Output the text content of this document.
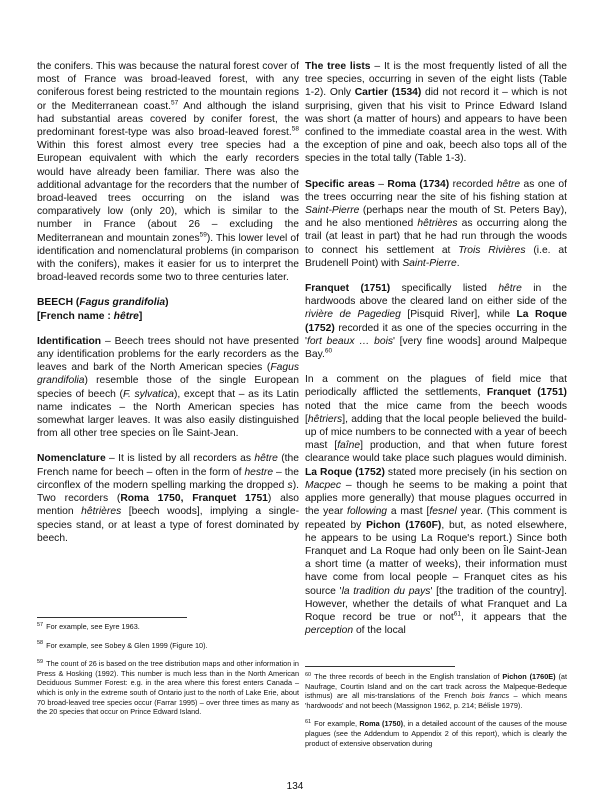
the conifers. This was because the natural forest cover of most of France was broad-leaved forest, with any coniferous forest being restricted to the mountain regions or the Mediterranean coast.$^{57}$ And although the island had substantial areas covered by conifer forest, the predominant forest-type was also broad-leaved forest.$^{58}$ Within this forest almost every tree species had a European equivalent with which the early recorders would have already been familiar. There was also the additional advantage for the recorders that the number of broad-leaved trees occurring on the island was comparatively low (only 20), which is similar to the number in France (about 26 – excluding the Mediterranean and mountain zones$^{59}$). This lower level of identification and nomenclatural problems (in comparison with the conifers), makes it easier for us to interpret the broad-leaved records some two to three centuries later.

BEECH (Fagus grandifolia)
[French name : hêtre]

Identification – Beech trees should not have presented any identification problems for the early recorders as the leaves and bark of the North American species (Fagus grandifolia) resemble those of the single European species of beech (F. sylvatica), except that – as its Latin name indicates – the North American species has somewhat larger leaves. It was also easily distinguished from all other tree species on Île Saint-Jean.

Nomenclature – It is listed by all recorders as hêtre (the French name for beech – often in the form of hestre – the circonflex of the modern spelling marking the dropped s). Two recorders (Roma 1750, Franquet 1751) also mention hêtrières [beech woods], implying a single-species stand, or at least a type of forest dominated by beech.

The tree lists – It is the most frequently listed of all the tree species, occurring in seven of the eight lists (Table 1-2). Only Cartier (1534) did not record it – which is not surprising, given that his visit to Prince Edward Island was short (a matter of hours) and appears to have been confined to the immediate coastal area in the west. With the exception of pine and oak, beech also tops all of the species in the total tally (Table 1-3).

Specific areas – Roma (1734) recorded hêtre as one of the trees occurring near the site of his fishing station at Saint-Pierre (perhaps near the mouth of St. Peters Bay), and he also mentioned hêtrières as occurring along the trail (at least in part) that he had run through the woods to connect his settlement at Trois Rivières (i.e. at Brudenell Point) with Saint-Pierre.

Franquet (1751) specifically listed hêtre in the hardwoods above the cleared land on either side of the rivière de Pagedieg [Pisquid River], while La Roque (1752) recorded it as one of the species occurring in the 'fort beaux … bois' [very fine woods] around Malpeque Bay.$^{60}$

In a comment on the plagues of field mice that periodically afflicted the settlements, Franquet (1751) noted that the mice came from the beech woods [hêtriers], adding that the local people believed the build-up of mice numbers to be connected with a year of beech mast [faîne] production, and that when future forest clearance would take place such plagues would diminish. La Roque (1752) stated more precisely (in his section on Macpec – though he seems to be making a point that applies more generally) that mouse plagues occurred in the year following a mast [fesnel year. (This comment is repeated by Pichon (1760F), but, as noted elsewhere, he appears to be using La Roque's report.) Since both Franquet and La Roque had only been on Île Saint-Jean a short time (a matter of weeks), their information must have come from local people – Franquet cites as his source 'la tradition du pays' [the tradition of the country]. However, whether the details of what Franquet and La Roque record be true or not$^{61}$, it appears that the perception of the local

$^{57}$ For example, see Eyre 1963.

$^{58}$ For example, see Sobey & Glen 1999 (Figure 10).

$^{59}$ The count of 26 is based on the tree distribution maps and other information in Press & Hosking (1992). This number is much less than in the North American Deciduous Summer Forest: e.g. in the area where this forest enters Canada – which is only in the extreme south of Ontario just to the north of Lake Erie, about 70 broad-leaved tree species occur (Farrar 1995) – over three times as many as the 20 species that occur on Prince Edward Island.

$^{60}$ The three records of beech in the English translation of Pichon (1760E) (at Naufrage, Courtin Island and on the cart track across the Malpeque-Bedeque isthmus) are all mis-translations of the French bois francs – which means 'hardwoods' and not beech (Massignon 1962, p. 214; Bélisle 1979).

$^{61}$ For example, Roma (1750), in a detailed account of the causes of the mouse plagues (see the Addendum to Appendix 2 of this report), which is clearly the product of extensive observation during

134
